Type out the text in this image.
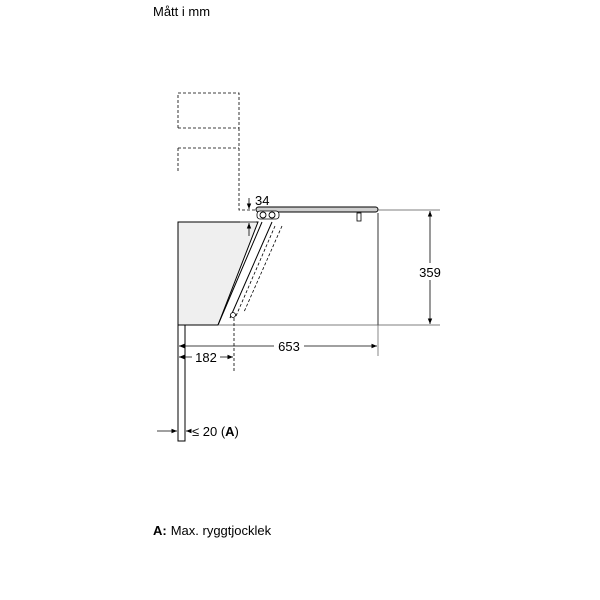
Mått i mm
34
359
653
182
≤ 20 (A)
A: Max. ryggtjocklek
